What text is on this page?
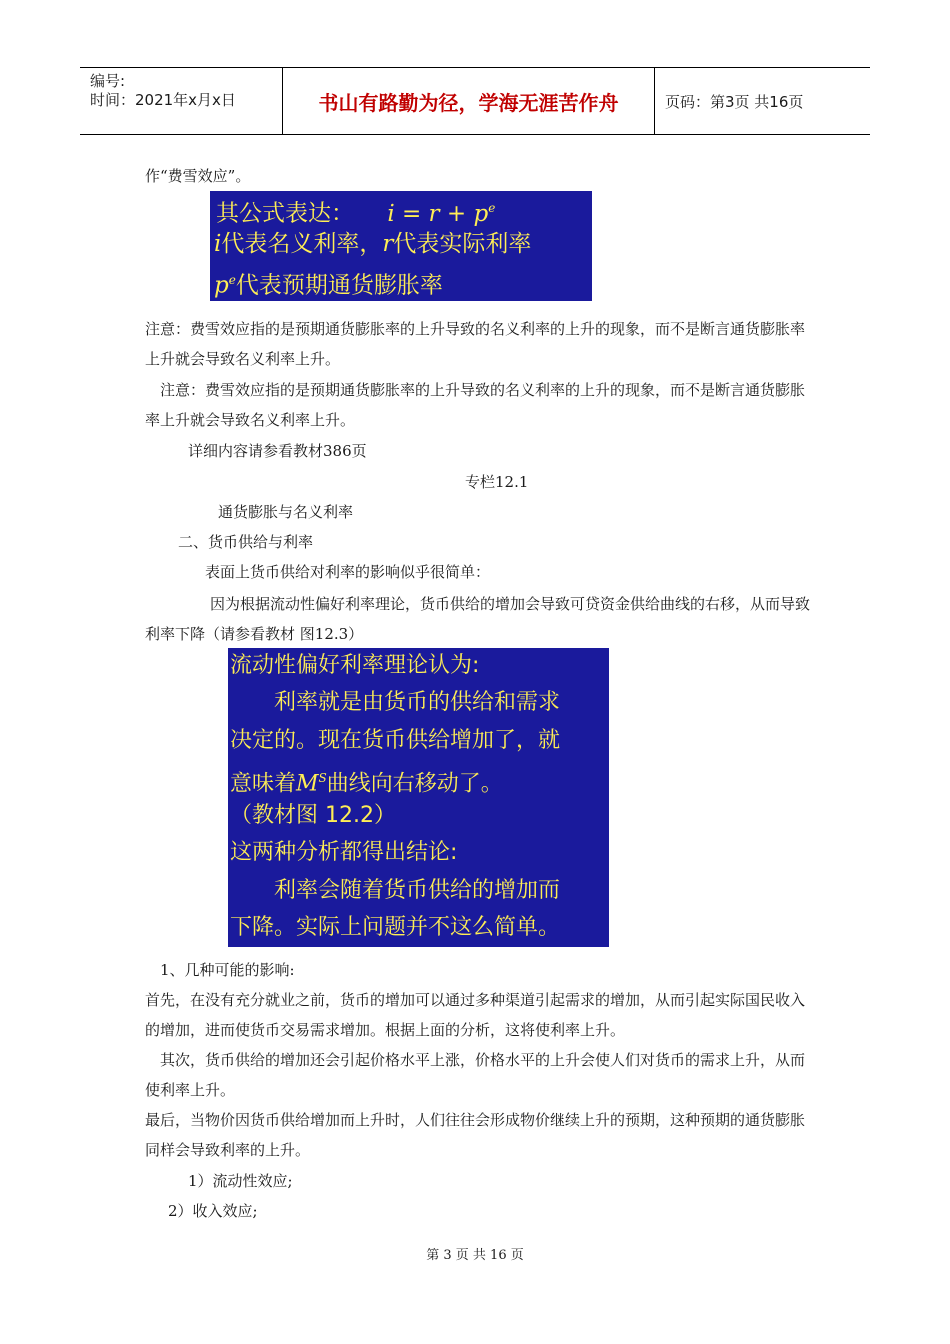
编号:
时间：2021年x月x日	书山有路勤为径，学海无涯苦作舟	页码：第3页 共16页
作“费雪效应”。
其公式表达： $i = r + p^e$
i代表名义利率，r代表实际利率
$p^e$代表预期通货膨胀率
注意：费雪效应指的是预期通货膨胀率的上升导致的名义利率的上升的现象，而不是断言通货膨胀率上升就会导致名义利率上升。
注意：费雪效应指的是预期通货膨胀率的上升导致的名义利率的上升的现象，而不是断言通货膨胀率上升就会导致名义利率上升。
详细内容请参看教材386页
专栏12.1
通货膨胀与名义利率
二、货币供给与利率
表面上货币供给对利率的影响似乎很简单：
因为根据流动性偏好利率理论，货币供给的增加会导致可贷资金供给曲线的右移，从而导致利率下降（请参看教材 图12.3）
流动性偏好利率理论认为:
利率就是由货币的供给和需求
决定的。现在货币供给增加了，就
意味着$M^S$曲线向右移动了。
（教材图 12.2）
这两种分析都得出结论:
利率会随着货币供给的增加而
下降。实际上问题并不这么简单。
1、几种可能的影响:
首先，在没有充分就业之前，货币的增加可以通过多种渠道引起需求的增加，从而引起实际国民收入的增加，进而使货币交易需求增加。根据上面的分析，这将使利率上升。
其次，货币供给的增加还会引起价格水平上涨，价格水平的上升会使人们对货币的需求上升，从而使利率上升。
最后，当物价因货币供给增加而上升时，人们往往会形成物价继续上升的预期，这种预期的通货膨胀同样会导致利率的上升。
1）流动性效应;
2）收入效应;
第 3 页 共 16 页
